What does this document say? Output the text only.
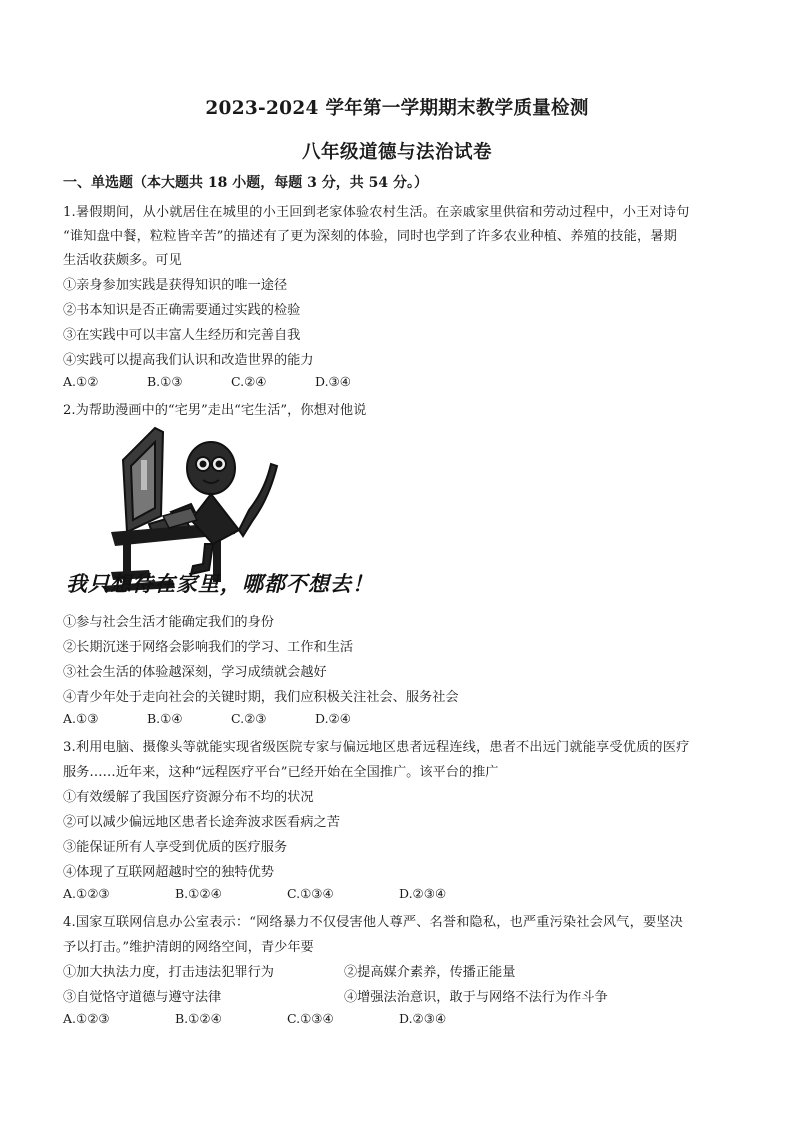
2023-2024 学年第一学期期末教学质量检测
八年级道德与法治试卷
一、单选题（本大题共 18 小题，每题 3 分，共 54 分。）
1.暑假期间，从小就居住在城里的小王回到老家体验农村生活。在亲戚家里供宿和劳动过程中，小王对诗句
“谁知盘中餐，粒粒皆辛苦”的描述有了更为深刻的体验，同时也学到了许多农业种植、养殖的技能，暑期
生活收获颇多。可见
①亲身参加实践是获得知识的唯一途径
②书本知识是否正确需要通过实践的检验
③在实践中可以丰富人生经历和完善自我
④实践可以提高我们认识和改造世界的能力
A.①②	B.①③	C.②④	D.③④
2.为帮助漫画中的“宅男”走出“宅生活”，你想对他说
我只想待在家里，哪都不想去！
①参与社会生活才能确定我们的身份
②长期沉迷于网络会影响我们的学习、工作和生活
③社会生活的体验越深刻，学习成绩就会越好
④青少年处于走向社会的关键时期，我们应积极关注社会、服务社会
A.①③	B.①④	C.②③	D.②④
3.利用电脑、摄像头等就能实现省级医院专家与偏远地区患者远程连线，患者不出远门就能享受优质的医疗
服务……近年来，这种“远程医疗平台”已经开始在全国推广。该平台的推广
①有效缓解了我国医疗资源分布不均的状况
②可以减少偏远地区患者长途奔波求医看病之苦
③能保证所有人享受到优质的医疗服务
④体现了互联网超越时空的独特优势
A.①②③	B.①②④	C.①③④	D.②③④
4.国家互联网信息办公室表示：“网络暴力不仅侵害他人尊严、名誉和隐私，也严重污染社会风气，要坚决
予以打击。”维护清朗的网络空间，青少年要
①加大执法力度，打击违法犯罪行为	②提高媒介素养，传播正能量
③自觉恪守道德与遵守法律	④增强法治意识，敢于与网络不法行为作斗争
A.①②③	B.①②④	C.①③④	D.②③④
